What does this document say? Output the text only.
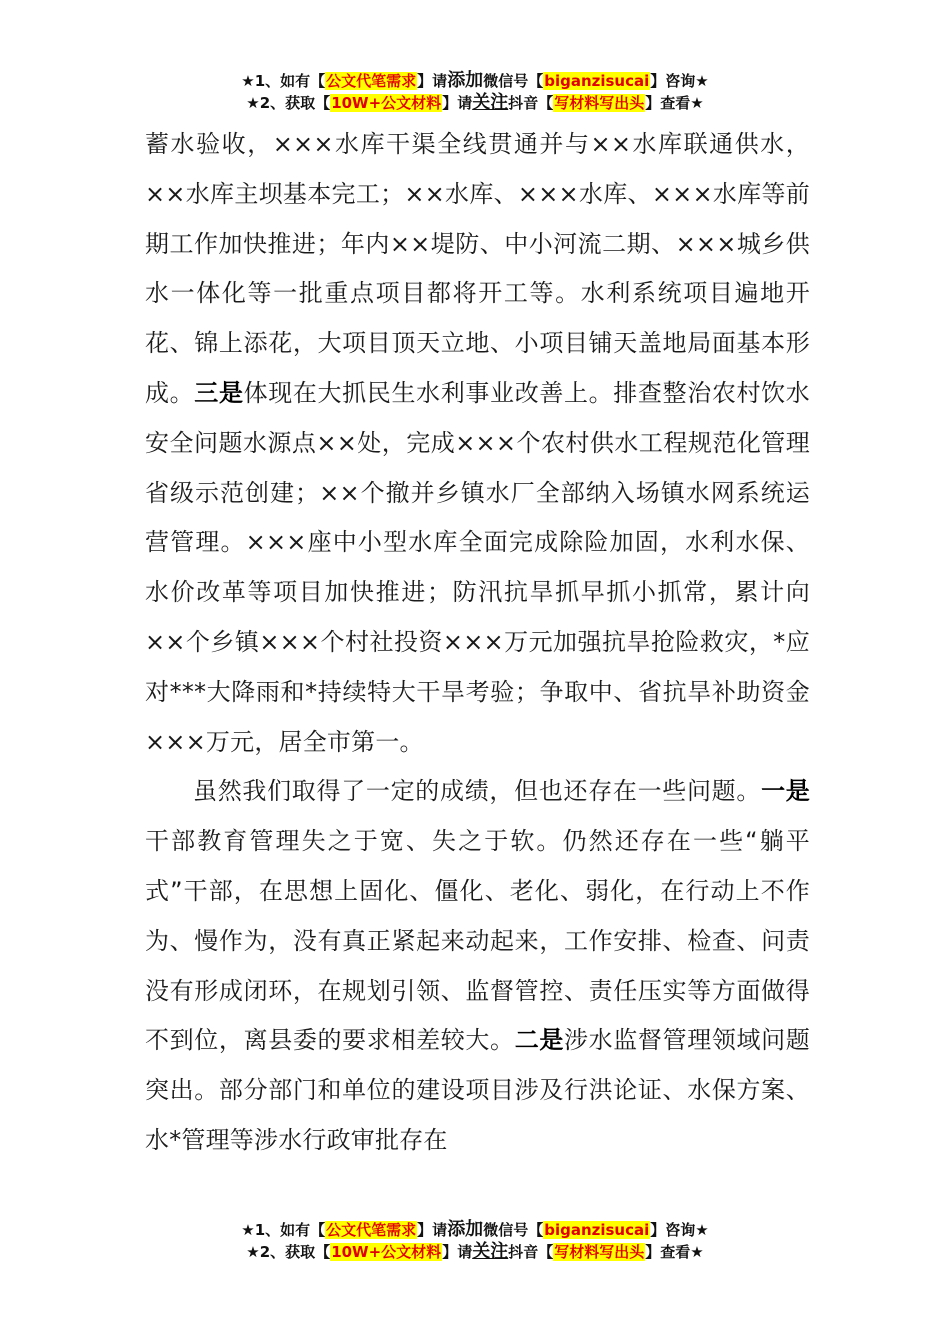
★1、如有【公文代笔需求】请添加微信号【biganzisucai】咨询★
★2、获取【10W+公文材料】请关注抖音【写材料写出头】查看★

蓄水验收，×××水库干渠全线贯通并与××水库联通供水，××水库主坝基本完工；××水库、×××水库、×××水库等前期工作加快推进；年内××堤防、中小河流二期、×××城乡供水一体化等一批重点项目都将开工等。水利系统项目遍地开花、锦上添花，大项目顶天立地、小项目铺天盖地局面基本形成。三是体现在大抓民生水利事业改善上。排查整治农村饮水安全问题水源点××处，完成×××个农村供水工程规范化管理省级示范创建；××个撤并乡镇水厂全部纳入场镇水网系统运营管理。×××座中小型水库全面完成除险加固，水利水保、水价改革等项目加快推进；防汛抗旱抓早抓小抓常，累计向××个乡镇×××个村社投资×××万元加强抗旱抢险救灾，*应对***大降雨和*持续特大干旱考验；争取中、省抗旱补助资金×××万元，居全市第一。

虽然我们取得了一定的成绩，但也还存在一些问题。一是干部教育管理失之于宽、失之于软。仍然还存在一些“躺平式”干部，在思想上固化、僵化、老化、弱化，在行动上不作为、慢作为，没有真正紧起来动起来，工作安排、检查、问责没有形成闭环，在规划引领、监督管控、责任压实等方面做得不到位，离县委的要求相差较大。二是涉水监督管理领域问题突出。部分部门和单位的建设项目涉及行洪论证、水保方案、水*管理等涉水行政审批存在

★1、如有【公文代笔需求】请添加微信号【biganzisucai】咨询★
★2、获取【10W+公文材料】请关注抖音【写材料写出头】查看★
